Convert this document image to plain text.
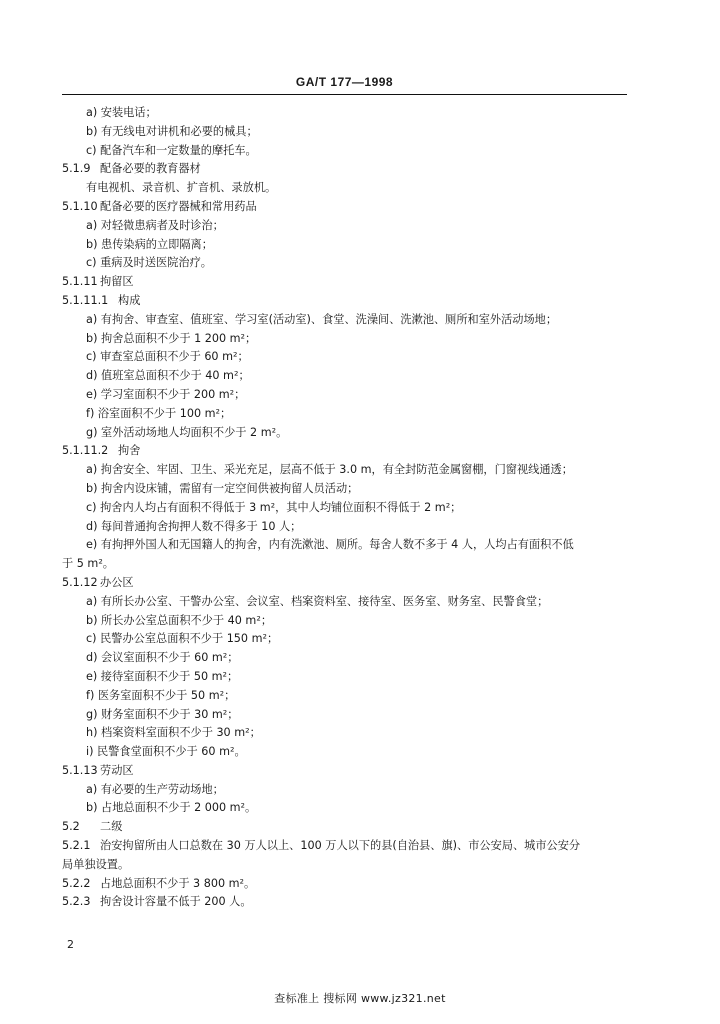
GA/T 177—1998
a) 安装电话；
b) 有无线电对讲机和必要的械具；
c) 配备汽车和一定数量的摩托车。
5.1.9 配备必要的教育器材
有电视机、录音机、扩音机、录放机。
5.1.10 配备必要的医疗器械和常用药品
a) 对轻微患病者及时诊治；
b) 患传染病的立即隔离；
c) 重病及时送医院治疗。
5.1.11 拘留区
5.1.11.1 构成
a) 有拘舍、审查室、值班室、学习室(活动室)、食堂、洗澡间、洗漱池、厕所和室外活动场地；
b) 拘舍总面积不少于 1 200 m²；
c) 审查室总面积不少于 60 m²；
d) 值班室总面积不少于 40 m²；
e) 学习室面积不少于 200 m²；
f) 浴室面积不少于 100 m²；
g) 室外活动场地人均面积不少于 2 m²。
5.1.11.2 拘舍
a) 拘舍安全、牢固、卫生、采光充足，层高不低于 3.0 m，有全封防范金属窗棚，门窗视线通透；
b) 拘舍内设床铺，需留有一定空间供被拘留人员活动；
c) 拘舍内人均占有面积不得低于 3 m²，其中人均铺位面积不得低于 2 m²；
d) 每间普通拘舍拘押人数不得多于 10 人；
e) 有拘押外国人和无国籍人的拘舍，内有洗漱池、厕所。每舍人数不多于 4 人，人均占有面积不低
于 5 m²。
5.1.12 办公区
a) 有所长办公室、干警办公室、会议室、档案资料室、接待室、医务室、财务室、民警食堂；
b) 所长办公室总面积不少于 40 m²；
c) 民警办公室总面积不少于 150 m²；
d) 会议室面积不少于 60 m²；
e) 接待室面积不少于 50 m²；
f) 医务室面积不少于 50 m²；
g) 财务室面积不少于 30 m²；
h) 档案资料室面积不少于 30 m²；
i) 民警食堂面积不少于 60 m²。
5.1.13 劳动区
a) 有必要的生产劳动场地；
b) 占地总面积不少于 2 000 m²。
5.2 二级
5.2.1 治安拘留所由人口总数在 30 万人以上、100 万人以下的县(自治县、旗)、市公安局、城市公安分
局单独设置。
5.2.2 占地总面积不少于 3 800 m²。
5.2.3 拘舍设计容量不低于 200 人。
2
查标准上 搜标网 www.jz321.net
